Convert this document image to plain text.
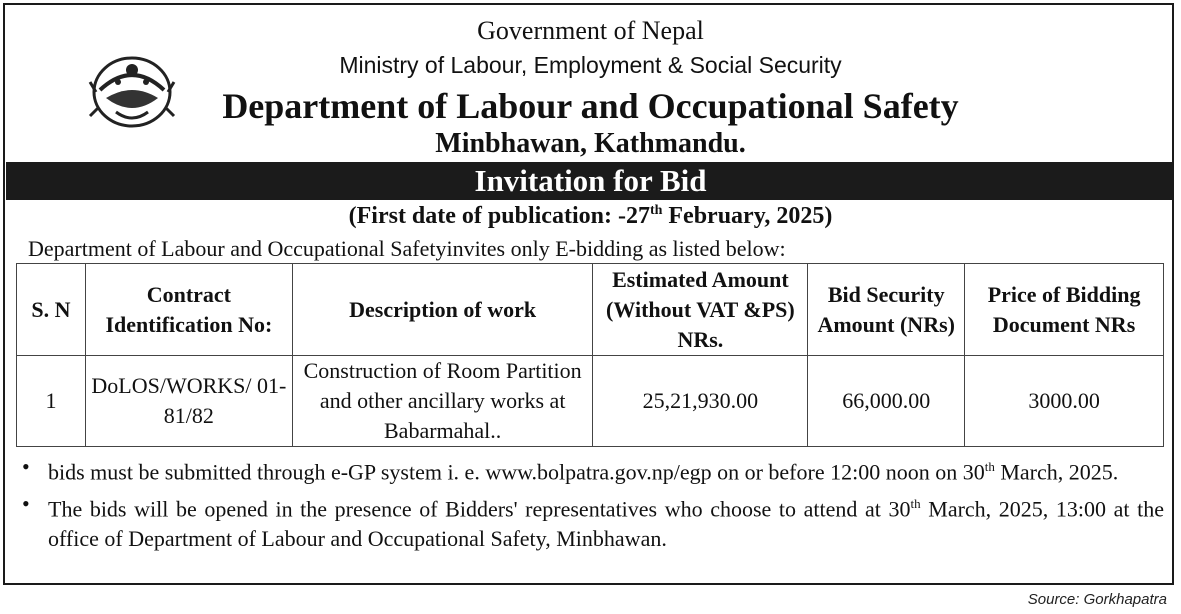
Government of Nepal
Ministry of Labour, Employment & Social Security
Department of Labour and Occupational Safety
Minbhawan, Kathmandu.
Invitation for Bid
(First date of publication: -27th February, 2025)
Department of Labour and Occupational Safetyinvites only E-bidding as listed below:
S. N	Contract Identification No:	Description of work	Estimated Amount (Without VAT &PS) NRs.	Bid Security Amount (NRs)	Price of Bidding Document NRs
1	DoLOS/WORKS/ 01-81/82	Construction of Room Partition and other ancillary works at Babarmahal..	25,21,930.00	66,000.00	3000.00
• bids must be submitted through e-GP system i. e. www.bolpatra.gov.np/egp on or before 12:00 noon on 30th March, 2025.
• The bids will be opened in the presence of Bidders' representatives who choose to attend at 30th March, 2025, 13:00 at the office of Department of Labour and Occupational Safety, Minbhawan.
Source: Gorkhapatra
